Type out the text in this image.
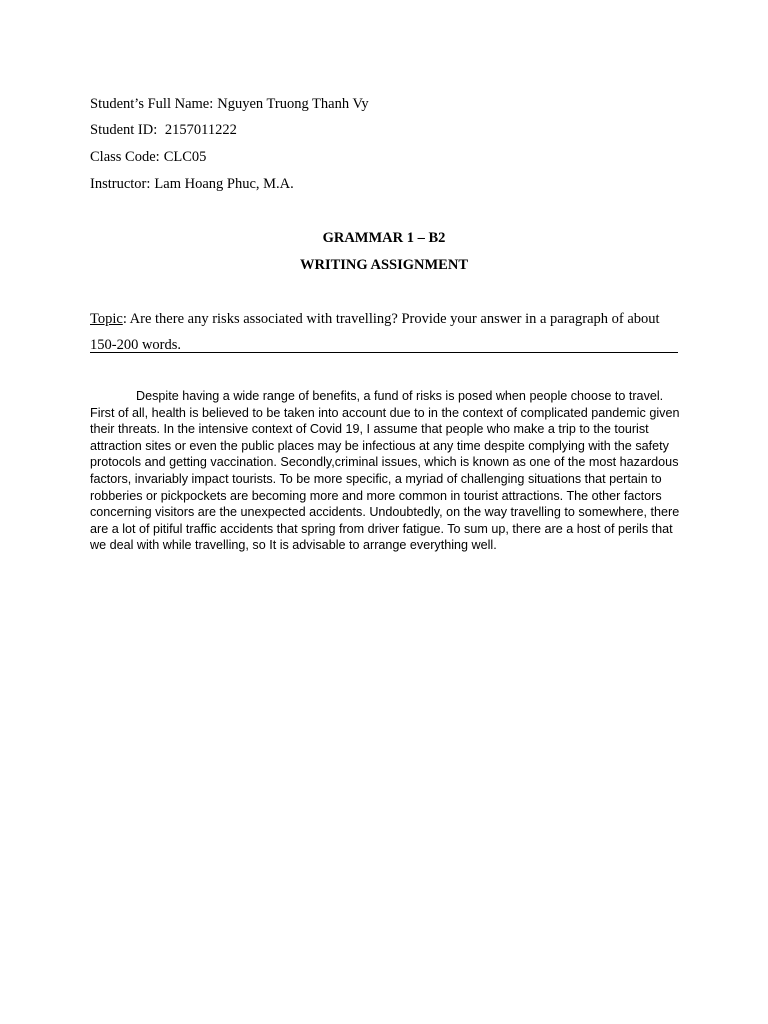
Student’s Full Name: Nguyen Truong Thanh Vy
Student ID: 2157011222
Class Code: CLC05
Instructor: Lam Hoang Phuc, M.A.
GRAMMAR 1 – B2
WRITING ASSIGNMENT
Topic: Are there any risks associated with travelling? Provide your answer in a paragraph of about 150-200 words.

Despite having a wide range of benefits, a fund of risks is posed when people choose to travel. First of all, health is believed to be taken into account due to in the context of complicated pandemic given their threats. In the intensive context of Covid 19, I assume that people who make a trip to the tourist attraction sites or even the public places may be infectious at any time despite complying with the safety protocols and getting vaccination. Secondly,criminal issues, which is known as one of the most hazardous factors, invariably impact tourists. To be more specific, a myriad of challenging situations that pertain to robberies or pickpockets are becoming more and more common in tourist attractions. The other factors concerning visitors are the unexpected accidents. Undoubtedly, on the way travelling to somewhere, there are a lot of pitiful traffic accidents that spring from driver fatigue. To sum up, there are a host of perils that we deal with while travelling, so It is advisable to arrange everything well.
